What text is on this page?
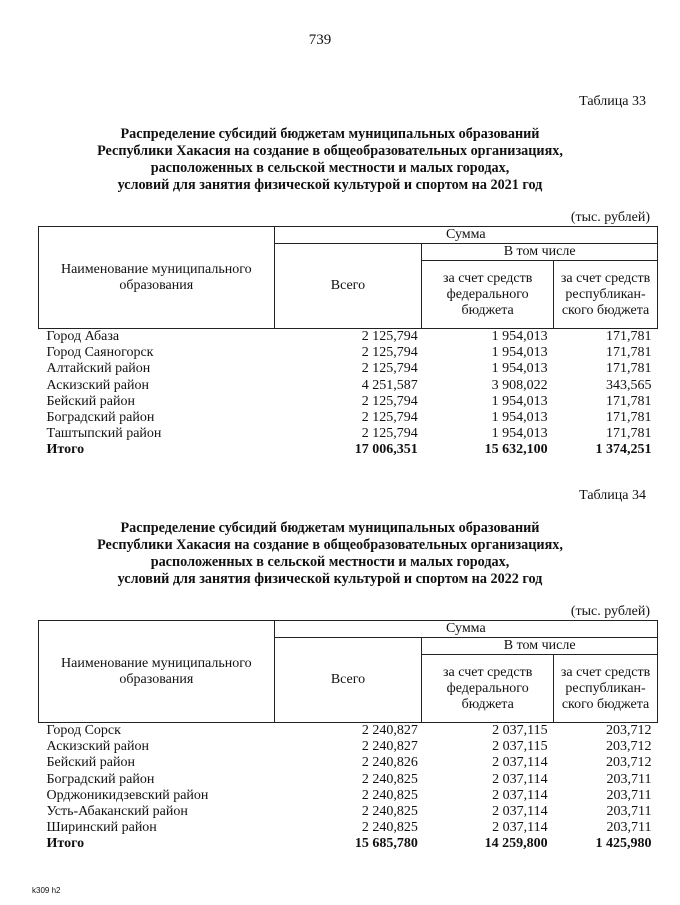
739
Таблица 33
Распределение субсидий бюджетам муниципальных образований
Республики Хакасия на создание в общеобразовательных организациях,
расположенных в сельской местности и малых городах,
условий для занятия физической культурой и спортом на 2021 год
(тыс. рублей)
Наименование муниципального образования	Сумма		
	Всего	В том числе	
		за счет средств федерального бюджета	за счет средств республикан-ского бюджета
Город Абаза	2 125,794	1 954,013	171,781
Город Саяногорск	2 125,794	1 954,013	171,781
Алтайский район	2 125,794	1 954,013	171,781
Аскизский район	4 251,587	3 908,022	343,565
Бейский район	2 125,794	1 954,013	171,781
Боградский район	2 125,794	1 954,013	171,781
Таштыпский район	2 125,794	1 954,013	171,781
Итого	17 006,351	15 632,100	1 374,251
Таблица 34
Распределение субсидий бюджетам муниципальных образований
Республики Хакасия на создание в общеобразовательных организациях,
расположенных в сельской местности и малых городах,
условий для занятия физической культурой и спортом на 2022 год
(тыс. рублей)
Наименование муниципального образования	Сумма		
	Всего	В том числе	
		за счет средств федерального бюджета	за счет средств республикан-ского бюджета
Город Сорск	2 240,827	2 037,115	203,712
Аскизский район	2 240,827	2 037,115	203,712
Бейский район	2 240,826	2 037,114	203,712
Боградский район	2 240,825	2 037,114	203,711
Орджоникидзевский район	2 240,825	2 037,114	203,711
Усть-Абаканский район	2 240,825	2 037,114	203,711
Ширинский район	2 240,825	2 037,114	203,711
Итого	15 685,780	14 259,800	1 425,980
k309 h2
